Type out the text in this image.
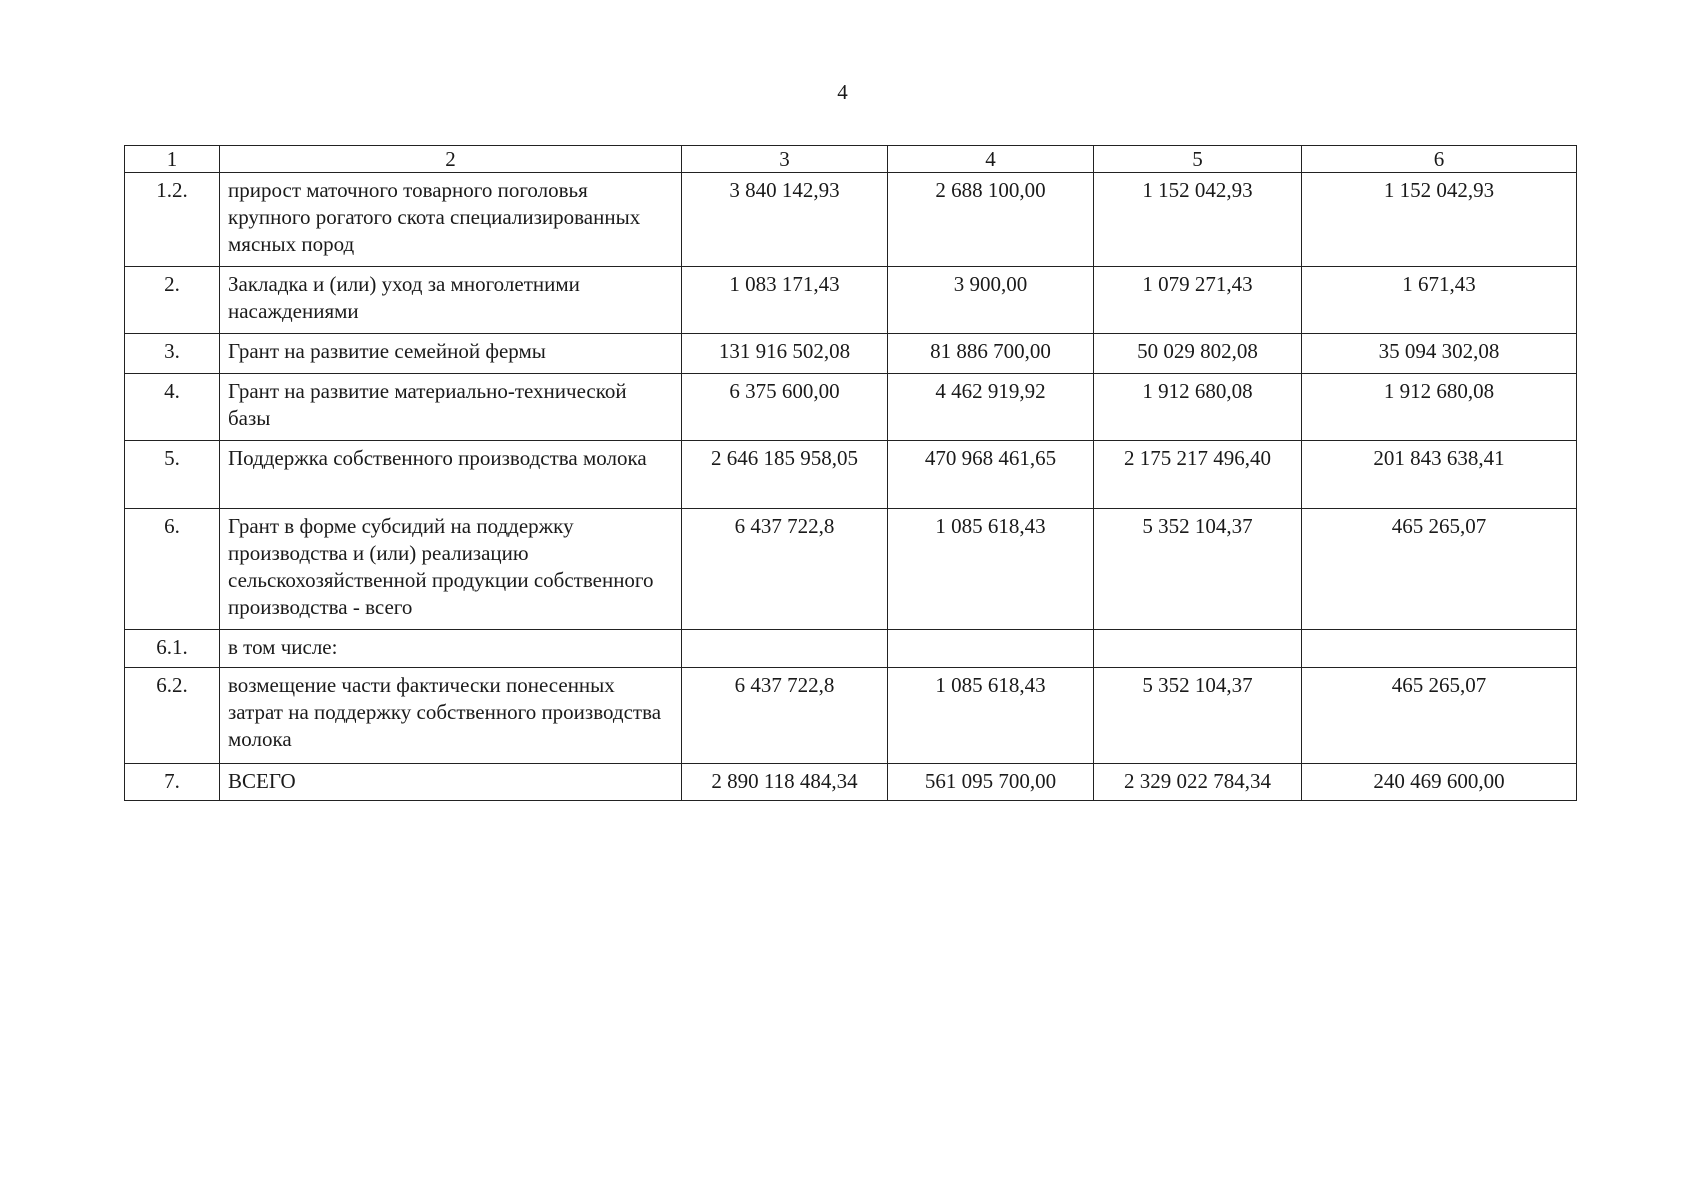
4
1	2	3	4	5	6
1.2.	прирост маточного товарного поголовья крупного рогатого скота специализированных мясных пород	3 840 142,93	2 688 100,00	1 152 042,93	1 152 042,93
2.	Закладка и (или) уход за многолетними насаждениями	1 083 171,43	3 900,00	1 079 271,43	1 671,43
3.	Грант на развитие семейной фермы	131 916 502,08	81 886 700,00	50 029 802,08	35 094 302,08
4.	Грант на развитие материально-технической базы	6 375 600,00	4 462 919,92	1 912 680,08	1 912 680,08
5.	Поддержка собственного производства молока	2 646 185 958,05	470 968 461,65	2 175 217 496,40	201 843 638,41
6.	Грант в форме субсидий на поддержку производства и (или) реализацию сельскохозяйственной продукции собственного производства - всего	6 437 722,8	1 085 618,43	5 352 104,37	465 265,07
6.1.	в том числе:				
6.2.	возмещение части фактически понесенных затрат на поддержку собственного производства молока	6 437 722,8	1 085 618,43	5 352 104,37	465 265,07
7.	ВСЕГО	2 890 118 484,34	561 095 700,00	2 329 022 784,34	240 469 600,00
